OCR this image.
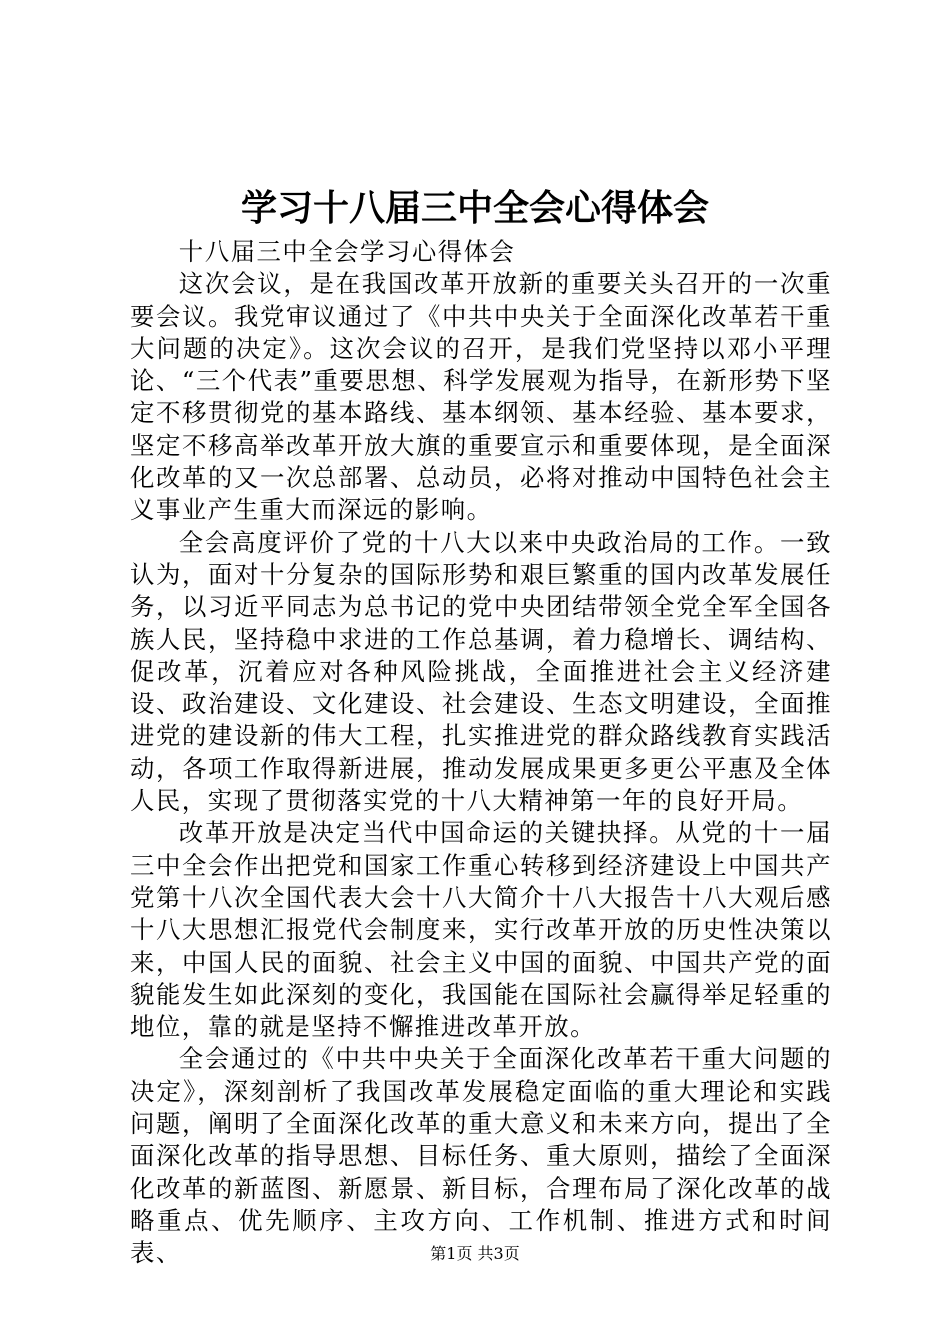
学习十八届三中全会心得体会

十八届三中全会学习心得体会

这次会议，是在我国改革开放新的重要关头召开的一次重要会议。我党审议通过了《中共中央关于全面深化改革若干重大问题的决定》。这次会议的召开，是我们党坚持以邓小平理论、“三个代表”重要思想、科学发展观为指导，在新形势下坚定不移贯彻党的基本路线、基本纲领、基本经验、基本要求，坚定不移高举改革开放大旗的重要宣示和重要体现，是全面深化改革的又一次总部署、总动员，必将对推动中国特色社会主义事业产生重大而深远的影响。

全会高度评价了党的十八大以来中央政治局的工作。一致认为，面对十分复杂的国际形势和艰巨繁重的国内改革发展任务，以习近平同志为总书记的党中央团结带领全党全军全国各族人民，坚持稳中求进的工作总基调，着力稳增长、调结构、促改革，沉着应对各种风险挑战，全面推进社会主义经济建设、政治建设、文化建设、社会建设、生态文明建设，全面推进党的建设新的伟大工程，扎实推进党的群众路线教育实践活动，各项工作取得新进展，推动发展成果更多更公平惠及全体人民，实现了贯彻落实党的十八大精神第一年的良好开局。

改革开放是决定当代中国命运的关键抉择。从党的十一届三中全会作出把党和国家工作重心转移到经济建设上中国共产党第十八次全国代表大会十八大简介十八大报告十八大观后感十八大思想汇报党代会制度来，实行改革开放的历史性决策以来，中国人民的面貌、社会主义中国的面貌、中国共产党的面貌能发生如此深刻的变化，我国能在国际社会赢得举足轻重的地位，靠的就是坚持不懈推进改革开放。

全会通过的《中共中央关于全面深化改革若干重大问题的决定》，深刻剖析了我国改革发展稳定面临的重大理论和实践问题，阐明了全面深化改革的重大意义和未来方向，提出了全面深化改革的指导思想、目标任务、重大原则，描绘了全面深化改革的新蓝图、新愿景、新目标，合理布局了深化改革的战略重点、优先顺序、主攻方向、工作机制、推进方式和时间表、	第1页 共3页
